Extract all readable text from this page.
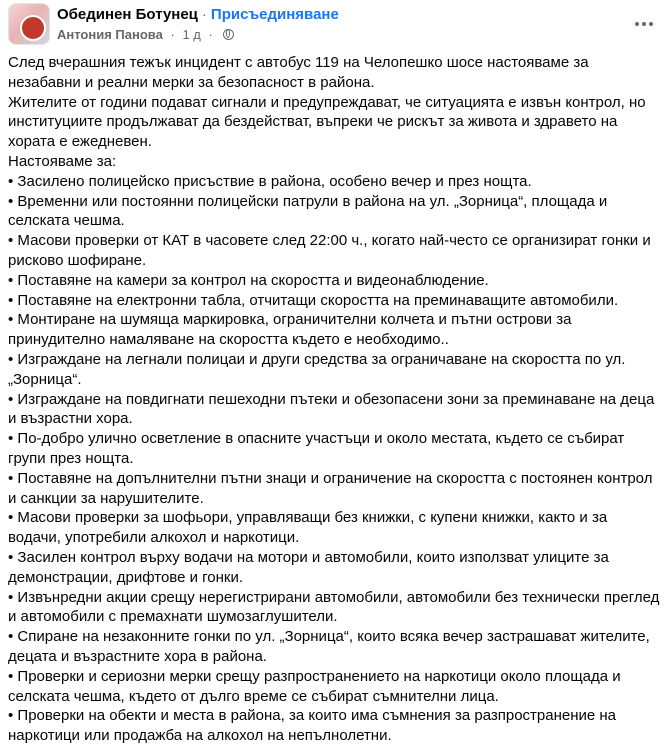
Обединен Ботунец · Присъединяване
Антония Панова · 1 д ·

След вчерашния тежък инцидент с автобус 119 на Челопешко шосе настояваме за незабавни и реални мерки за безопасност в района.

Жителите от години подават сигнали и предупреждават, че ситуацията е извън контрол, но институциите продължават да бездействат, въпреки че рискът за живота и здравето на хората е ежедневен.

Настояваме за:

• Засилено полицейско присъствие в района, особено вечер и през нощта.

• Временни или постоянни полицейски патрули в района на ул. „Зорница“, площада и селската чешма.

• Масови проверки от КАТ в часовете след 22:00 ч., когато най-често се организират гонки и рисково шофиране.

• Поставяне на камери за контрол на скоростта и видеонаблюдение.

• Поставяне на електронни табла, отчитащи скоростта на преминаващите автомобили.

• Монтиране на шумяща маркировка, ограничителни колчета и пътни острови за принудително намаляване на скоростта където е необходимо..

• Изграждане на легнали полицаи и други средства за ограничаване на скоростта по ул. „Зорница“.

• Изграждане на повдигнати пешеходни пътеки и обезопасени зони за преминаване на деца и възрастни хора.

• По-добро улично осветление в опасните участъци и около местата, където се събират групи през нощта.

• Поставяне на допълнителни пътни знаци и ограничение на скоростта с постоянен контрол и санкции за нарушителите.

• Масови проверки за шофьори, управляващи без книжки, с купени книжки, както и за водачи, употребили алкохол и наркотици.

• Засилен контрол върху водачи на мотори и автомобили, които използват улиците за демонстрации, дрифтове и гонки.

• Извънредни акции срещу нерегистрирани автомобили, автомобили без технически преглед и автомобили с премахнати шумозаглушители.

• Спиране на незаконните гонки по ул. „Зорница“, които всяка вечер застрашават жителите, децата и възрастните хора в района.

• Проверки и сериозни мерки срещу разпространението на наркотици около площада и селската чешма, където от дълго време се събират съмнителни лица.

• Проверки на обекти и места в района, за които има съмнения за разпространение на наркотици или продажба на алкохол на непълнолетни.
